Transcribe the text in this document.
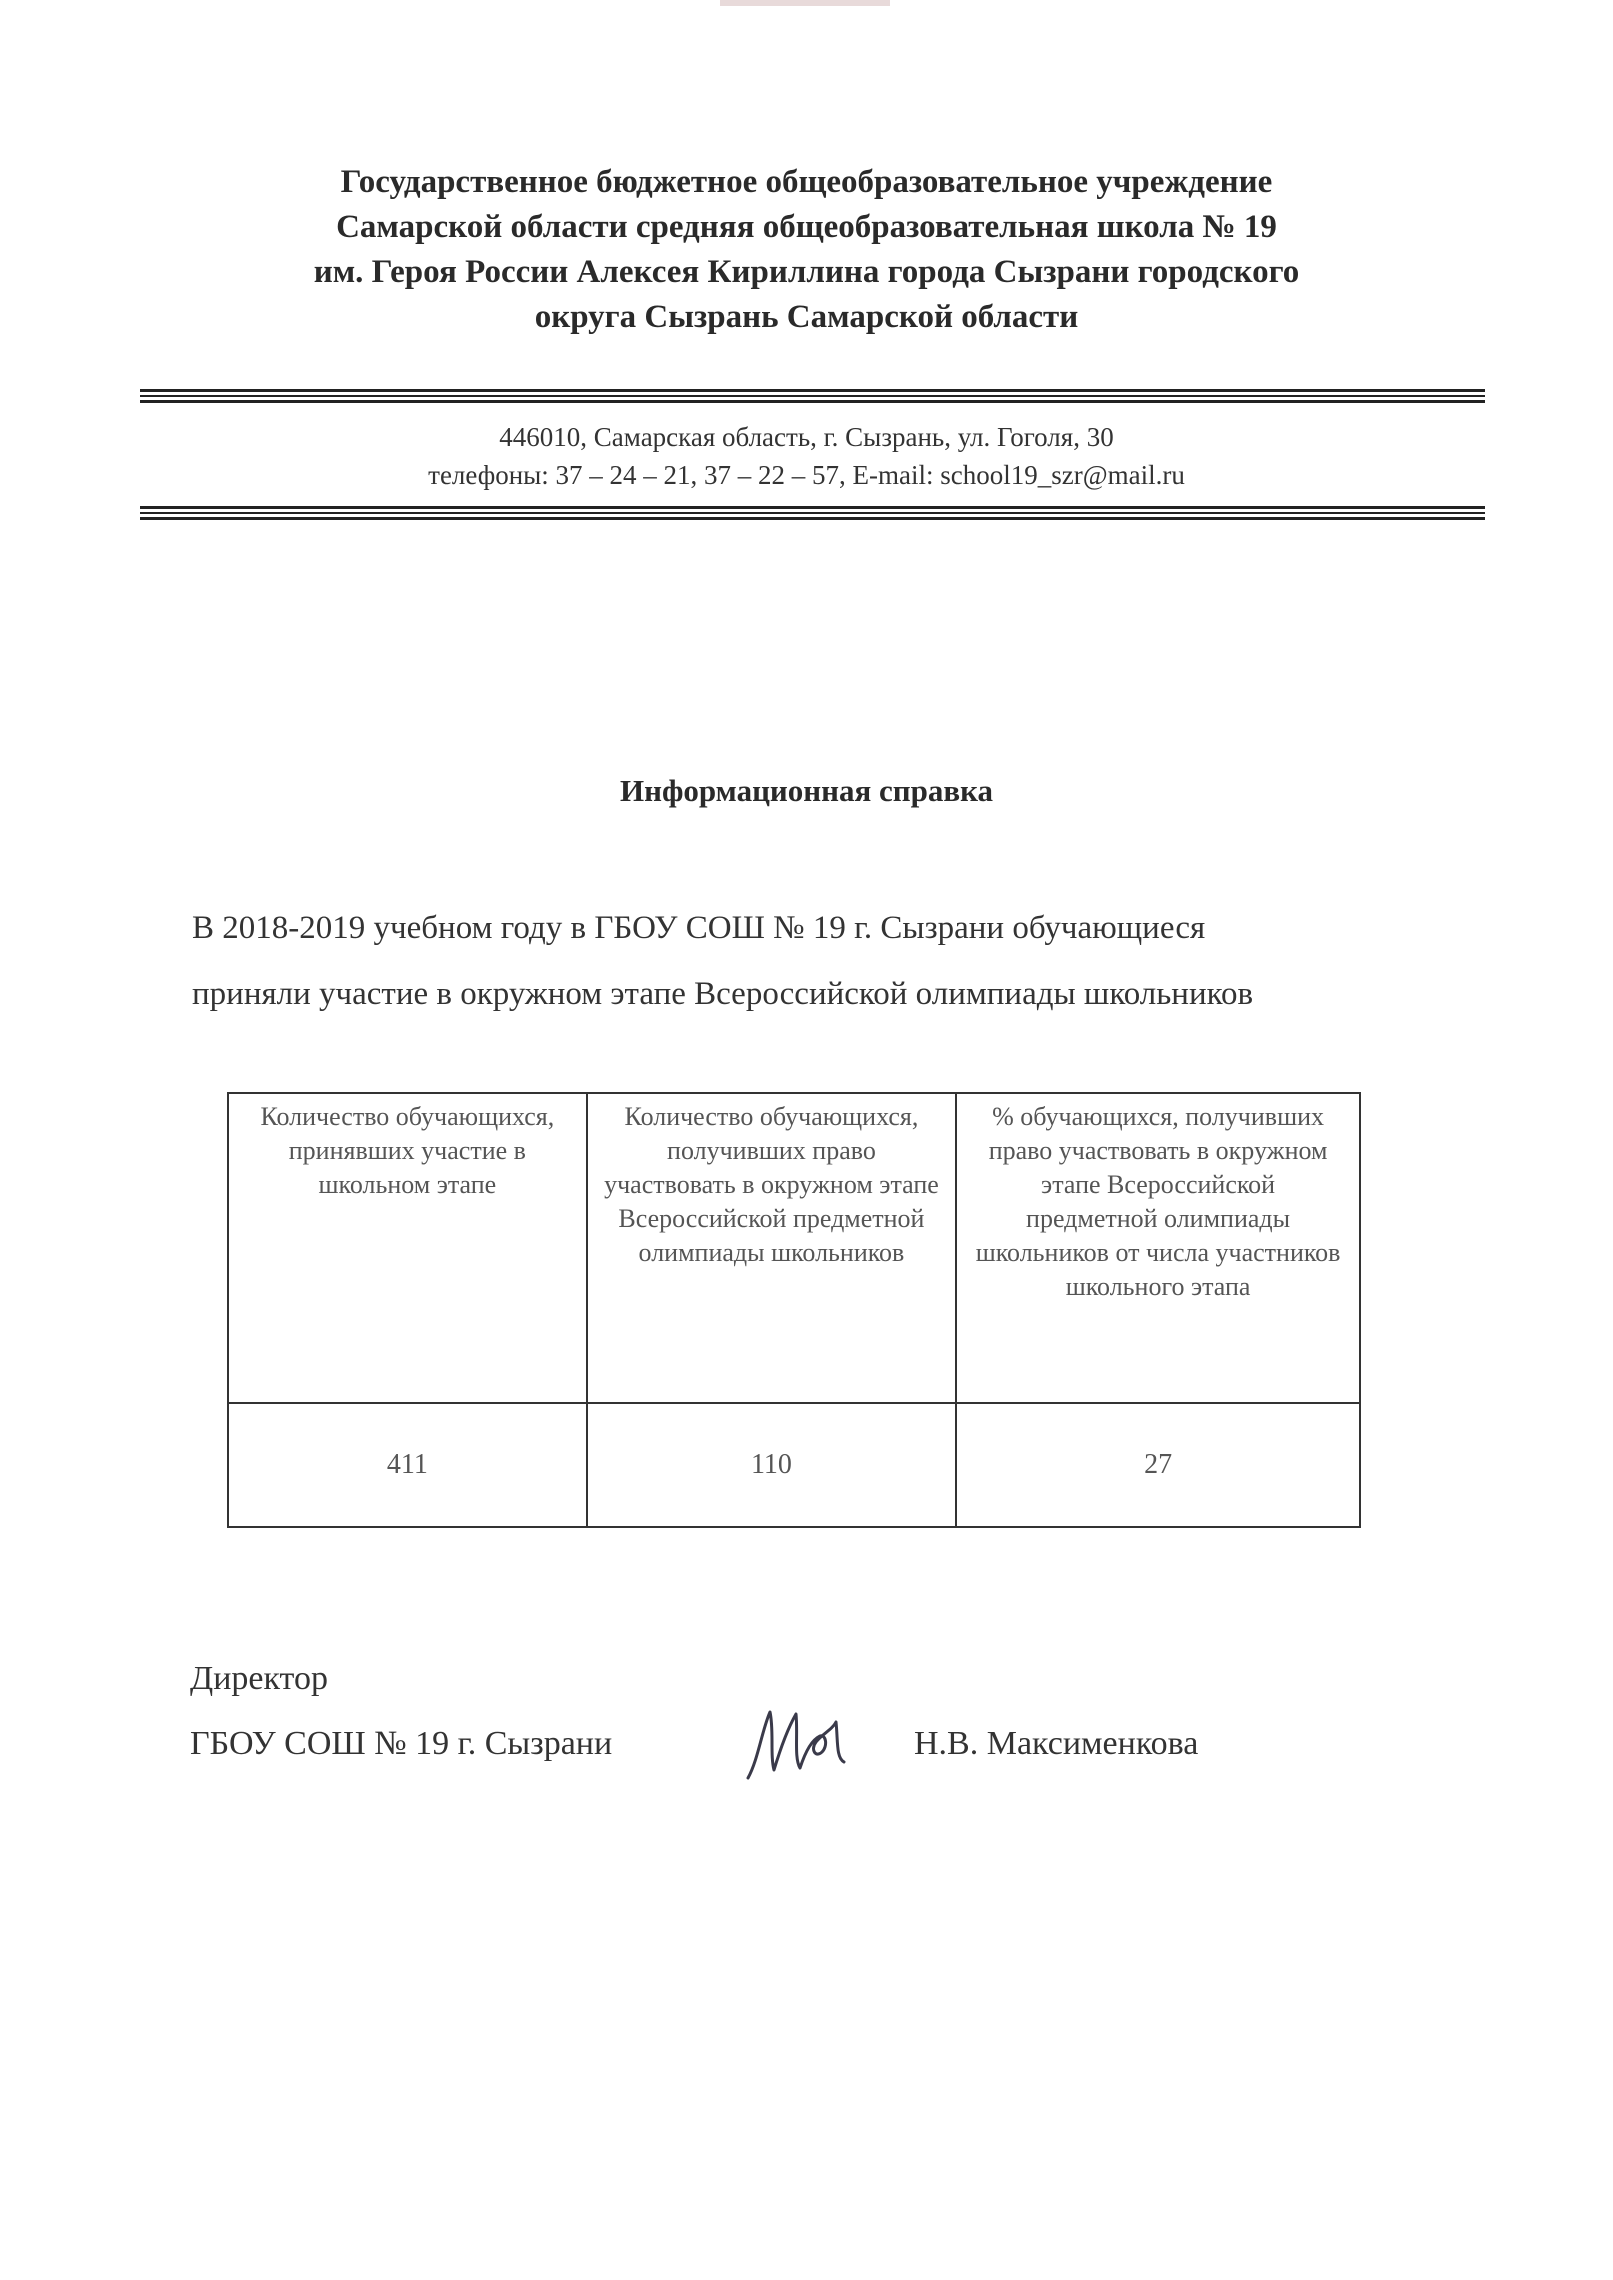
Государственное бюджетное общеобразовательное учреждение
Самарской области средняя общеобразовательная школа № 19
им. Героя России Алексея Кириллина города Сызрани городского
округа Сызрань Самарской области
446010, Самарская область, г. Сызрань, ул. Гоголя, 30
телефоны: 37 – 24 – 21, 37 – 22 – 57, E-mail: school19_szr@mail.ru
Информационная справка
В 2018-2019 учебном году в ГБОУ СОШ № 19 г. Сызрани обучающиеся
приняли участие в окружном этапе Всероссийской олимпиады школьников
Количество обучающихся, принявших участие в школьном этапе	Количество обучающихся, получивших право участвовать в окружном этапе Всероссийской предметной олимпиады школьников	% обучающихся, получивших право участвовать в окружном этапе Всероссийской предметной олимпиады школьников от числа участников школьного этапа
411	110	27
Директор
ГБОУ СОШ № 19 г. Сызрани	Н.В. Максименкова
